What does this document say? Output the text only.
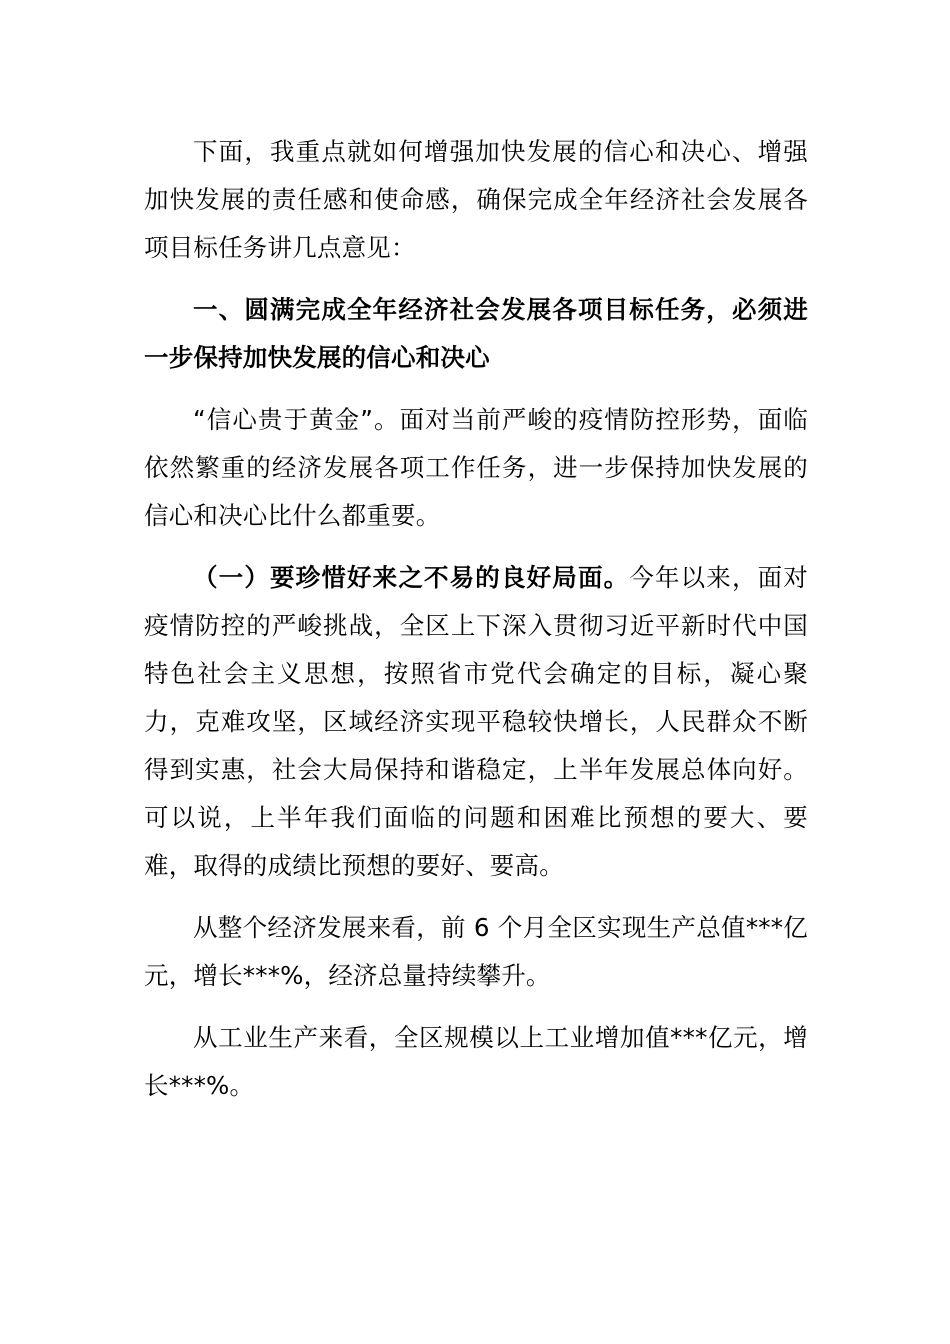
下面，我重点就如何增强加快发展的信心和决心、增强加快发展的责任感和使命感，确保完成全年经济社会发展各项目标任务讲几点意见：

一、圆满完成全年经济社会发展各项目标任务，必须进一步保持加快发展的信心和决心

“信心贵于黄金”。面对当前严峻的疫情防控形势，面临依然繁重的经济发展各项工作任务，进一步保持加快发展的信心和决心比什么都重要。

（一）要珍惜好来之不易的良好局面。今年以来，面对疫情防控的严峻挑战，全区上下深入贯彻习近平新时代中国特色社会主义思想，按照省市党代会确定的目标，凝心聚力，克难攻坚，区域经济实现平稳较快增长，人民群众不断得到实惠，社会大局保持和谐稳定，上半年发展总体向好。可以说，上半年我们面临的问题和困难比预想的要大、要难，取得的成绩比预想的要好、要高。

从整个经济发展来看，前 6 个月全区实现生产总值***亿元，增长***%，经济总量持续攀升。

从工业生产来看，全区规模以上工业增加值***亿元，增长***%。
